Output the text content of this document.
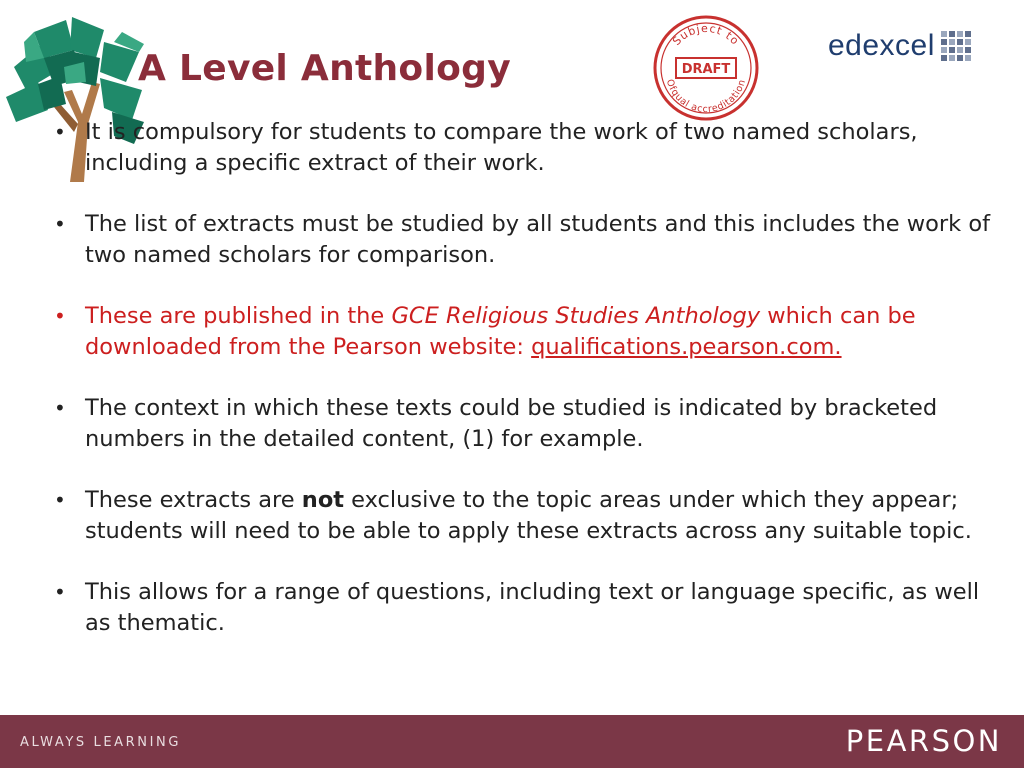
A Level Anthology
Subject to
DRAFT
Ofqual accreditation
edexcel
• It is compulsory for students to compare the work of two named scholars, including a specific extract of their work.
• The list of extracts must be studied by all students and this includes the work of two named scholars for comparison.
• These are published in the GCE Religious Studies Anthology which can be downloaded from the Pearson website: qualifications.pearson.com.
• The context in which these texts could be studied is indicated by bracketed numbers in the detailed content, (1) for example.
• These extracts are not exclusive to the topic areas under which they appear; students will need to be able to apply these extracts across any suitable topic.
• This allows for a range of questions, including text or language specific, as well as thematic.
ALWAYS LEARNING	PEARSON
